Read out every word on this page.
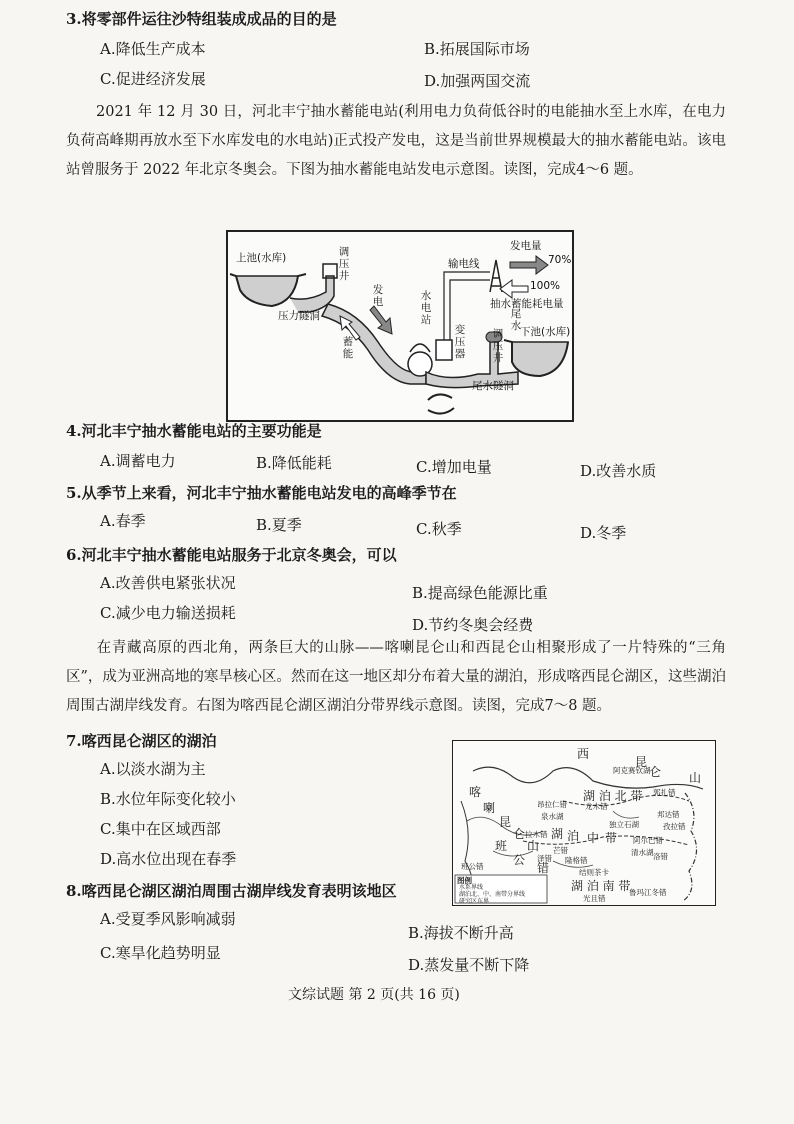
3.将零部件运往沙特组装成成品的目的是
A.降低生产成本	B.拓展国际市场
C.促进经济发展	D.加强两国交流
2021 年 12 月 30 日，河北丰宁抽水蓄能电站(利用电力负荷低谷时的电能抽水至上水库，在电力负荷高峰期再放水至下水库发电的水电站)正式投产发电，这是当前世界规模最大的抽水蓄能电站。该电站曾服务于 2022 年北京冬奥会。下图为抽水蓄能电站发电示意图。读图，完成4～6 题。
上池(水库)	调压井
压力隧洞
发电
蓄能
水电站
变压器
输电线
发电量
70%
100%
抽水蓄能耗电量
尾水
调压井
下池(水库)
尾水隧洞
4.河北丰宁抽水蓄能电站的主要功能是
A.调蓄电力	B.降低能耗	C.增加电量	D.改善水质
5.从季节上来看，河北丰宁抽水蓄能电站发电的高峰季节在
A.春季	B.夏季	C.秋季	D.冬季
6.河北丰宁抽水蓄能电站服务于北京冬奥会，可以
A.改善供电紧张状况
B.提高绿色能源比重
C.减少电力输送损耗
D.节约冬奥会经费
在青藏高原的西北角，两条巨大的山脉——喀喇昆仑山和西昆仑山相聚形成了一片特殊的“三角区”，成为亚洲高地的寒旱核心区。然而在这一地区却分布着大量的湖泊，形成喀西昆仑湖区，这些湖泊周围古湖岸线发育。右图为喀西昆仑湖区湖泊分带界线示意图。读图，完成7～8 题。
7.喀西昆仑湖区的湖泊
A.以淡水湖为主
B.水位年际变化较小
C.集中在区域西部
D.高水位出现在春季
西
昆
仑 山
喀
喇
昆
仑
山
班
公
错
湖 泊 北 带
湖 泊 中 带
湖 泊 南 带
阿克赛钦湖
郭扎错
龙木错
邦达错
泉水湖
孜拉错
昂拉仁错
拉木错
独立石湖
阿尔巴错
清水湖
鲁玛江冬错
洛错
芒错
隆格错
结则茶卡
光且错
泽错
班公错
图例
水系界线
湖泊北、中、南带分界线
研究区东界
8.喀西昆仑湖区湖泊周围古湖岸线发育表明该地区
A.受夏季风影响减弱
B.海拔不断升高
C.寒旱化趋势明显
D.蒸发量不断下降
文综试题 第 2 页(共 16 页)
